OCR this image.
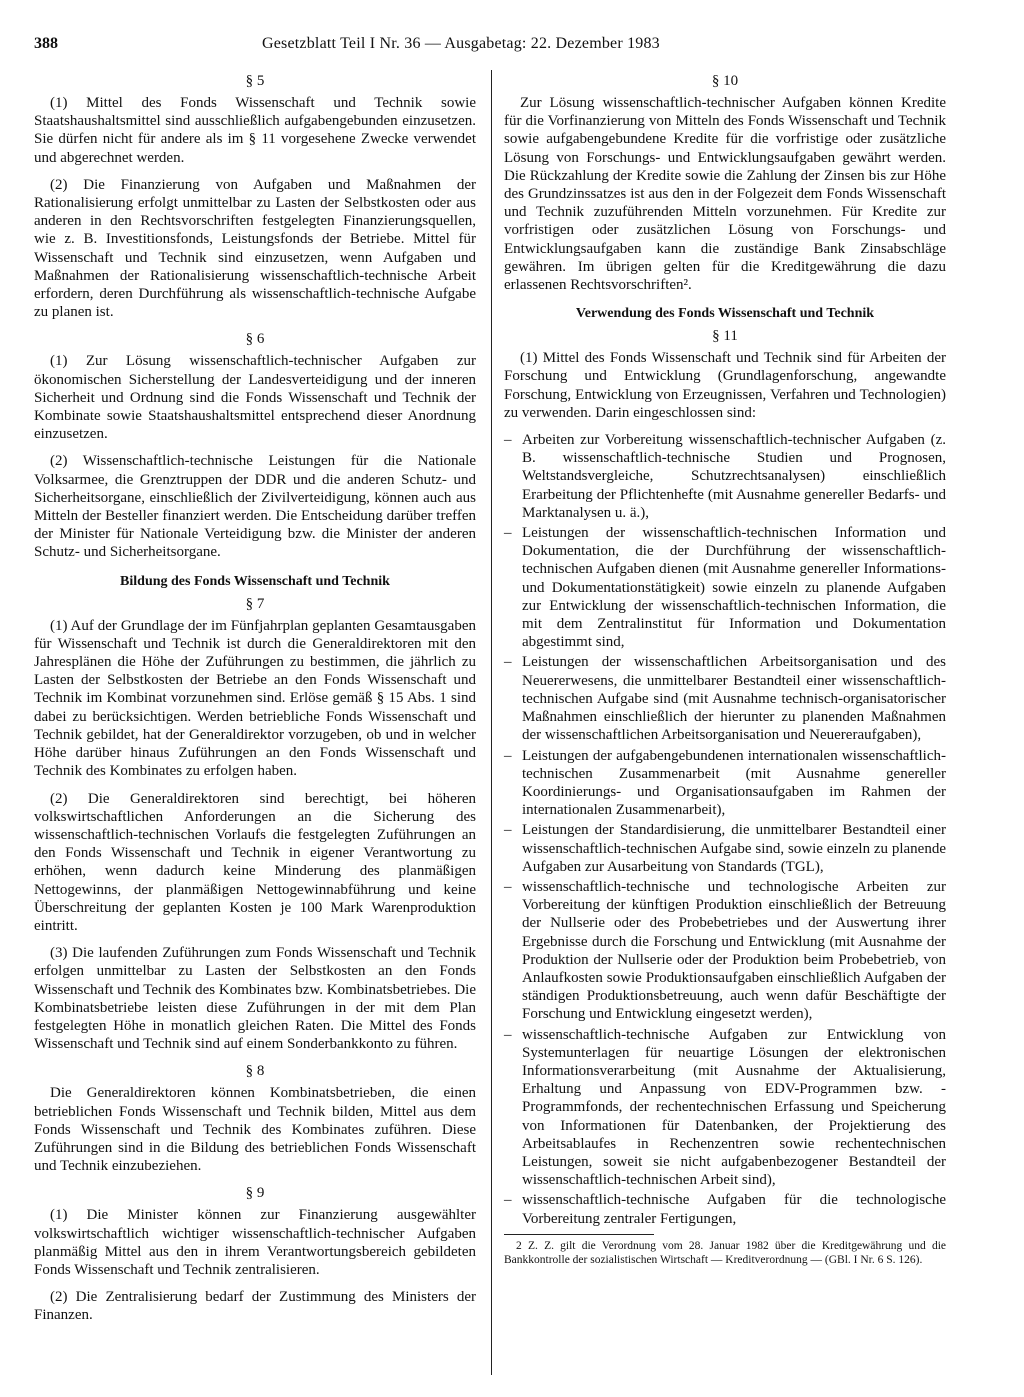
388	Gesetzblatt Teil I Nr. 36 — Ausgabetag: 22. Dezember 1983
§ 5

(1) Mittel des Fonds Wissenschaft und Technik sowie Staatshaushaltsmittel sind ausschließlich aufgabengebunden einzusetzen. Sie dürfen nicht für andere als im § 11 vorgesehene Zwecke verwendet und abgerechnet werden.

(2) Die Finanzierung von Aufgaben und Maßnahmen der Rationalisierung erfolgt unmittelbar zu Lasten der Selbstkosten oder aus anderen in den Rechtsvorschriften festgelegten Finanzierungsquellen, wie z. B. Investitionsfonds, Leistungsfonds der Betriebe. Mittel für Wissenschaft und Technik sind einzusetzen, wenn Aufgaben und Maßnahmen der Rationalisierung wissenschaftlich-technische Arbeit erfordern, deren Durchführung als wissenschaftlich-technische Aufgabe zu planen ist.

§ 6

(1) Zur Lösung wissenschaftlich-technischer Aufgaben zur ökonomischen Sicherstellung der Landesverteidigung und der inneren Sicherheit und Ordnung sind die Fonds Wissenschaft und Technik der Kombinate sowie Staatshaushaltsmittel entsprechend dieser Anordnung einzusetzen.

(2) Wissenschaftlich-technische Leistungen für die Nationale Volksarmee, die Grenztruppen der DDR und die anderen Schutz- und Sicherheitsorgane, einschließlich der Zivilverteidigung, können auch aus Mitteln der Besteller finanziert werden. Die Entscheidung darüber treffen der Minister für Nationale Verteidigung bzw. die Minister der anderen Schutz- und Sicherheitsorgane.

Bildung des Fonds Wissenschaft und Technik
§ 7

(1) Auf der Grundlage der im Fünfjahrplan geplanten Gesamtausgaben für Wissenschaft und Technik ist durch die Generaldirektoren mit den Jahresplänen die Höhe der Zuführungen zu bestimmen, die jährlich zu Lasten der Selbstkosten der Betriebe an den Fonds Wissenschaft und Technik im Kombinat vorzunehmen sind. Erlöse gemäß § 15 Abs. 1 sind dabei zu berücksichtigen. Werden betriebliche Fonds Wissenschaft und Technik gebildet, hat der Generaldirektor vorzugeben, ob und in welcher Höhe darüber hinaus Zuführungen an den Fonds Wissenschaft und Technik des Kombinates zu erfolgen haben.

(2) Die Generaldirektoren sind berechtigt, bei höheren volkswirtschaftlichen Anforderungen an die Sicherung des wissenschaftlich-technischen Vorlaufs die festgelegten Zuführungen an den Fonds Wissenschaft und Technik in eigener Verantwortung zu erhöhen, wenn dadurch keine Minderung des planmäßigen Nettogewinns, der planmäßigen Nettogewinnabführung und keine Überschreitung der geplanten Kosten je 100 Mark Warenproduktion eintritt.

(3) Die laufenden Zuführungen zum Fonds Wissenschaft und Technik erfolgen unmittelbar zu Lasten der Selbstkosten an den Fonds Wissenschaft und Technik des Kombinates bzw. Kombinatsbetriebes. Die Kombinatsbetriebe leisten diese Zuführungen in der mit dem Plan festgelegten Höhe in monatlich gleichen Raten. Die Mittel des Fonds Wissenschaft und Technik sind auf einem Sonderbankkonto zu führen.

§ 8

Die Generaldirektoren können Kombinatsbetrieben, die einen betrieblichen Fonds Wissenschaft und Technik bilden, Mittel aus dem Fonds Wissenschaft und Technik des Kombinates zuführen. Diese Zuführungen sind in die Bildung des betrieblichen Fonds Wissenschaft und Technik einzubeziehen.

§ 9

(1) Die Minister können zur Finanzierung ausgewählter volkswirtschaftlich wichtiger wissenschaftlich-technischer Aufgaben planmäßig Mittel aus den in ihrem Verantwortungsbereich gebildeten Fonds Wissenschaft und Technik zentralisieren.

(2) Die Zentralisierung bedarf der Zustimmung des Ministers der Finanzen.

§ 10

Zur Lösung wissenschaftlich-technischer Aufgaben können Kredite für die Vorfinanzierung von Mitteln des Fonds Wissenschaft und Technik sowie aufgabengebundene Kredite für die vorfristige oder zusätzliche Lösung von Forschungs- und Entwicklungsaufgaben gewährt werden. Die Rückzahlung der Kredite sowie die Zahlung der Zinsen bis zur Höhe des Grundzinssatzes ist aus den in der Folgezeit dem Fonds Wissenschaft und Technik zuzuführenden Mitteln vorzunehmen. Für Kredite zur vorfristigen oder zusätzlichen Lösung von Forschungs- und Entwicklungsaufgaben kann die zuständige Bank Zinsabschläge gewähren. Im übrigen gelten für die Kreditgewährung die dazu erlassenen Rechtsvorschriften².

Verwendung des Fonds Wissenschaft und Technik
§ 11

(1) Mittel des Fonds Wissenschaft und Technik sind für Arbeiten der Forschung und Entwicklung (Grundlagenforschung, angewandte Forschung, Entwicklung von Erzeugnissen, Verfahren und Technologien) zu verwenden. Darin eingeschlossen sind:

– Arbeiten zur Vorbereitung wissenschaftlich-technischer Aufgaben (z. B. wissenschaftlich-technische Studien und Prognosen, Weltstandsvergleiche, Schutzrechtsanalysen) einschließlich Erarbeitung der Pflichtenhefte (mit Ausnahme genereller Bedarfs- und Marktanalysen u. ä.),
– Leistungen der wissenschaftlich-technischen Information und Dokumentation, die der Durchführung der wissenschaftlich-technischen Aufgaben dienen (mit Ausnahme genereller Informations- und Dokumentationstätigkeit) sowie einzeln zu planende Aufgaben zur Entwicklung der wissenschaftlich-technischen Information, die mit dem Zentralinstitut für Information und Dokumentation abgestimmt sind,
– Leistungen der wissenschaftlichen Arbeitsorganisation und des Neuererwesens, die unmittelbarer Bestandteil einer wissenschaftlich-technischen Aufgabe sind (mit Ausnahme technisch-organisatorischer Maßnahmen einschließlich der hierunter zu planenden Maßnahmen der wissenschaftlichen Arbeitsorganisation und Neuereraufgaben),
– Leistungen der aufgabengebundenen internationalen wissenschaftlich-technischen Zusammenarbeit (mit Ausnahme genereller Koordinierungs- und Organisationsaufgaben im Rahmen der internationalen Zusammenarbeit),
– Leistungen der Standardisierung, die unmittelbarer Bestandteil einer wissenschaftlich-technischen Aufgabe sind, sowie einzeln zu planende Aufgaben zur Ausarbeitung von Standards (TGL),
– wissenschaftlich-technische und technologische Arbeiten zur Vorbereitung der künftigen Produktion einschließlich der Betreuung der Nullserie oder des Probebetriebes und der Auswertung ihrer Ergebnisse durch die Forschung und Entwicklung (mit Ausnahme der Produktion der Nullserie oder der Produktion beim Probebetrieb, von Anlaufkosten sowie Produktionsaufgaben einschließlich Aufgaben der ständigen Produktionsbetreuung, auch wenn dafür Beschäftigte der Forschung und Entwicklung eingesetzt werden),
– wissenschaftlich-technische Aufgaben zur Entwicklung von Systemunterlagen für neuartige Lösungen der elektronischen Informationsverarbeitung (mit Ausnahme der Aktualisierung, Erhaltung und Anpassung von EDV-Programmen bzw. -Programmfonds, der rechentechnischen Erfassung und Speicherung von Informationen für Datenbanken, der Projektierung des Arbeitsablaufes in Rechenzentren sowie rechentechnischen Leistungen, soweit sie nicht aufgabenbezogener Bestandteil der wissenschaftlich-technischen Arbeit sind),
– wissenschaftlich-technische Aufgaben für die technologische Vorbereitung zentraler Fertigungen,
2 Z. Z. gilt die Verordnung vom 28. Januar 1982 über die Kreditgewährung und die Bankkontrolle der sozialistischen Wirtschaft — Kreditverordnung — (GBl. I Nr. 6 S. 126).
